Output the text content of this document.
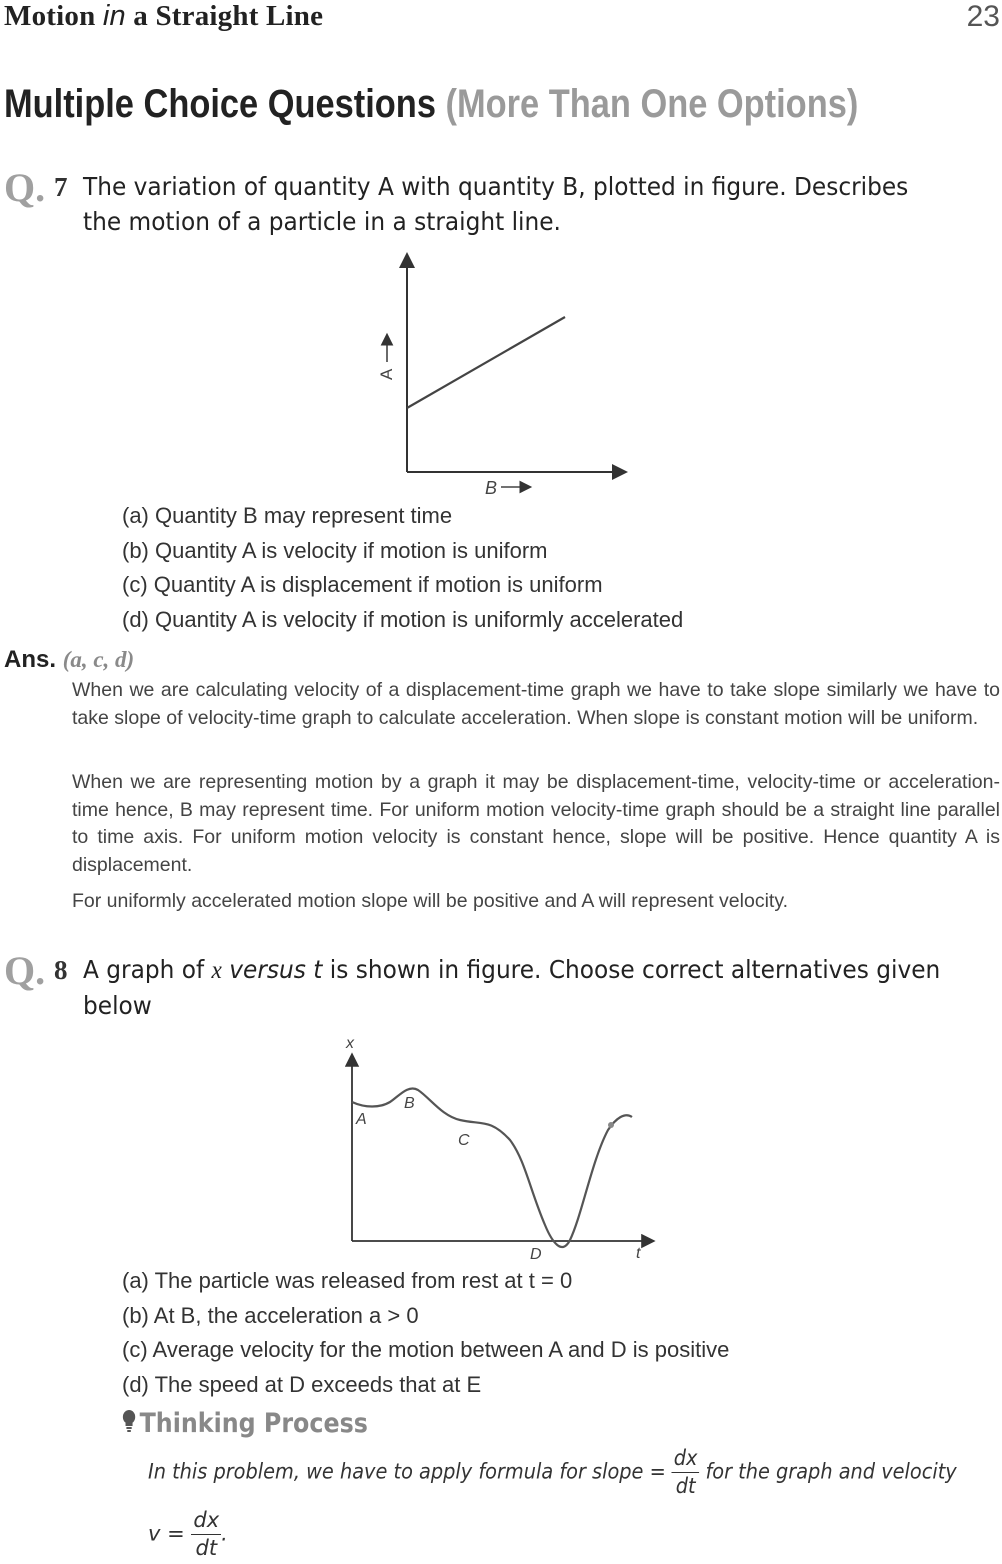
Motion in a Straight Line	23
Multiple Choice Questions (More Than One Options)
Q. 7 The variation of quantity A with quantity B, plotted in figure. Describes
the motion of a particle in a straight line.
A
B
(a) Quantity B may represent time
(b) Quantity A is velocity if motion is uniform
(c) Quantity A is displacement if motion is uniform
(d) Quantity A is velocity if motion is uniformly accelerated
Ans. (a, c, d)
When we are calculating velocity of a displacement-time graph we have to take slope similarly we have to take slope of velocity-time graph to calculate acceleration. When slope is constant motion will be uniform.
When we are representing motion by a graph it may be displacement-time, velocity-time or acceleration-time hence, B may represent time. For uniform motion velocity-time graph should be a straight line parallel to time axis. For uniform motion velocity is constant hence, slope will be positive. Hence quantity A is displacement.
For uniformly accelerated motion slope will be positive and A will represent velocity.
Q. 8 A graph of x versus t is shown in figure. Choose correct alternatives given
below
x
t
A
B
C
D
(a) The particle was released from rest at t = 0
(b) At B, the acceleration a > 0
(c) Average velocity for the motion between A and D is positive
(d) The speed at D exceeds that at E
Thinking Process
In this problem, we have to apply formula for slope = $\frac{dx}{dt}$ for the graph and velocity
$v = \frac{dx}{dt}$ .
